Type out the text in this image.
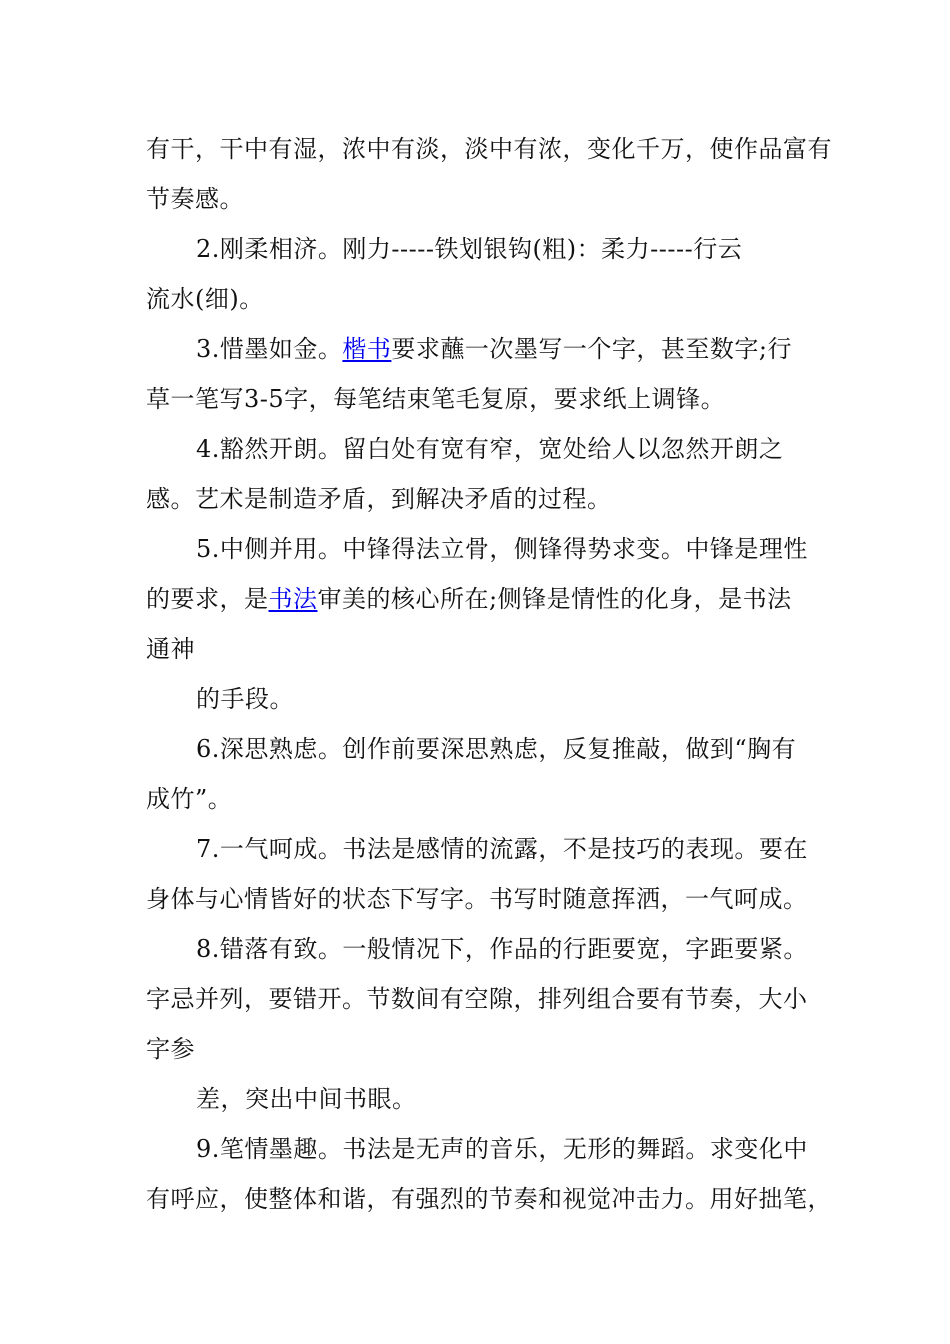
有干，干中有湿，浓中有淡，淡中有浓，变化千万，使作品富有
节奏感。
2.刚柔相济。刚力-----铁划银钩(粗)：柔力-----行云
流水(细)。
3.惜墨如金。楷书要求蘸一次墨写一个字，甚至数字;行
草一笔写3-5字，每笔结束笔毛复原，要求纸上调锋。
4.豁然开朗。留白处有宽有窄，宽处给人以忽然开朗之
感。艺术是制造矛盾，到解决矛盾的过程。
5.中侧并用。中锋得法立骨，侧锋得势求变。中锋是理性
的要求，是书法审美的核心所在;侧锋是情性的化身，是书法
通神
的手段。
6.深思熟虑。创作前要深思熟虑，反复推敲，做到“胸有
成竹”。
7.一气呵成。书法是感情的流露，不是技巧的表现。要在
身体与心情皆好的状态下写字。书写时随意挥洒，一气呵成。
8.错落有致。一般情况下，作品的行距要宽，字距要紧。
字忌并列，要错开。节数间有空隙，排列组合要有节奏，大小
字参
差，突出中间书眼。
9.笔情墨趣。书法是无声的音乐，无形的舞蹈。求变化中
有呼应，使整体和谐，有强烈的节奏和视觉冲击力。用好拙笔，
